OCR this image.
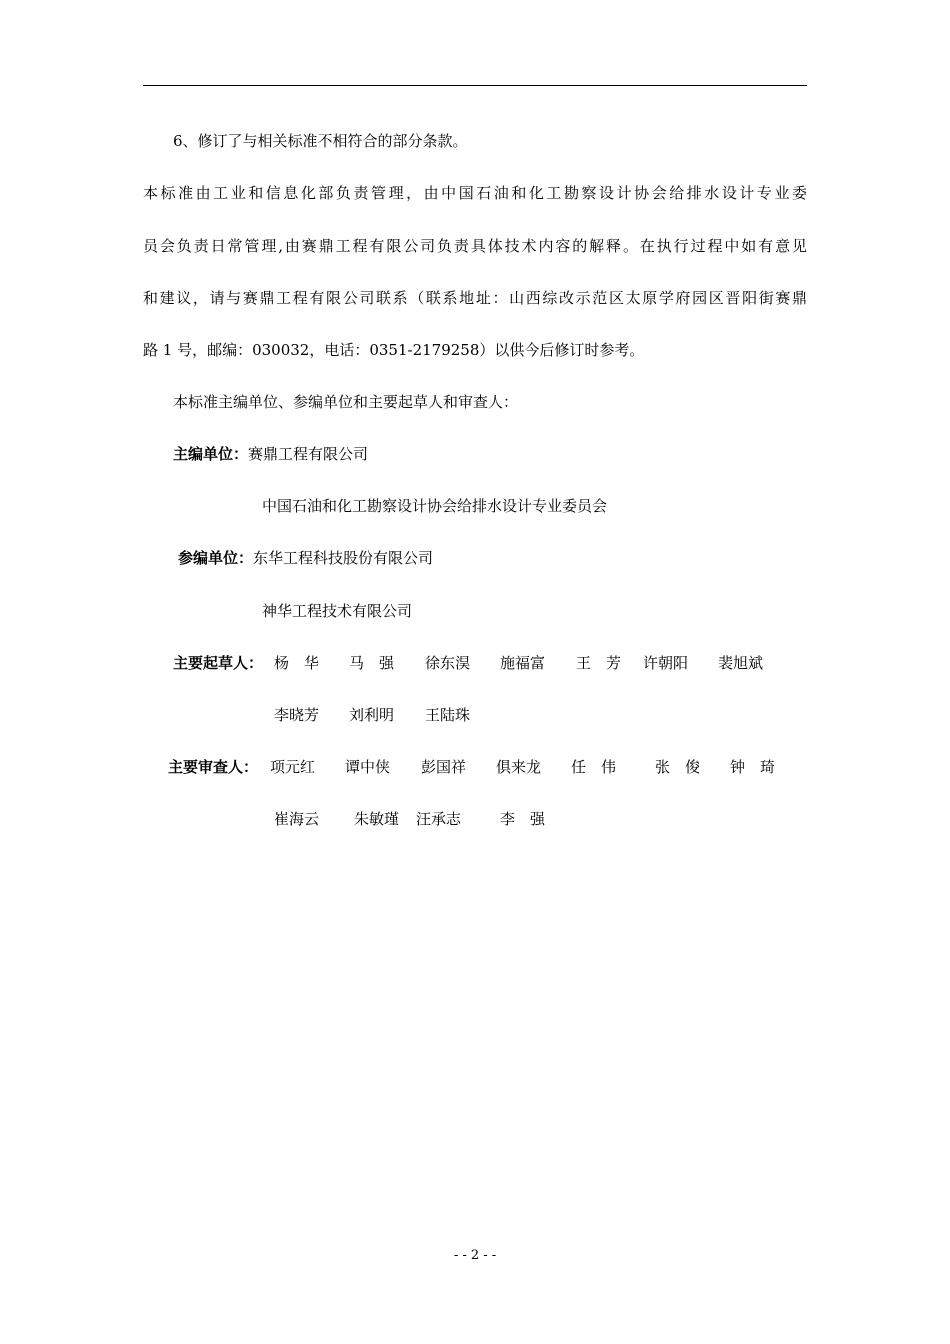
6、修订了与相关标准不相符合的部分条款。
本标准由工业和信息化部负责管理，由中国石油和化工勘察设计协会给排水设计专业委
员会负责日常管理,由赛鼎工程有限公司负责具体技术内容的解释。在执行过程中如有意见
和建议，请与赛鼎工程有限公司联系（联系地址：山西综改示范区太原学府园区晋阳街赛鼎
路 1 号，邮编：030032，电话：0351-2179258）以供今后修订时参考。
本标准主编单位、参编单位和主要起草人和审查人：
主编单位：赛鼎工程有限公司
中国石油和化工勘察设计协会给排水设计专业委员会
参编单位：东华工程科技股份有限公司
神华工程技术有限公司
主要起草人： 杨　华 马　强 徐东淏 施福富 王　芳 许朝阳 裴旭斌
李晓芳 刘利明 王陆珠
主要审查人： 项元红 谭中侠 彭国祥 俱来龙 任　伟	张　俊 钟　琦
崔海云 朱敏瑾 汪承志	李　强
- - 2 - -
